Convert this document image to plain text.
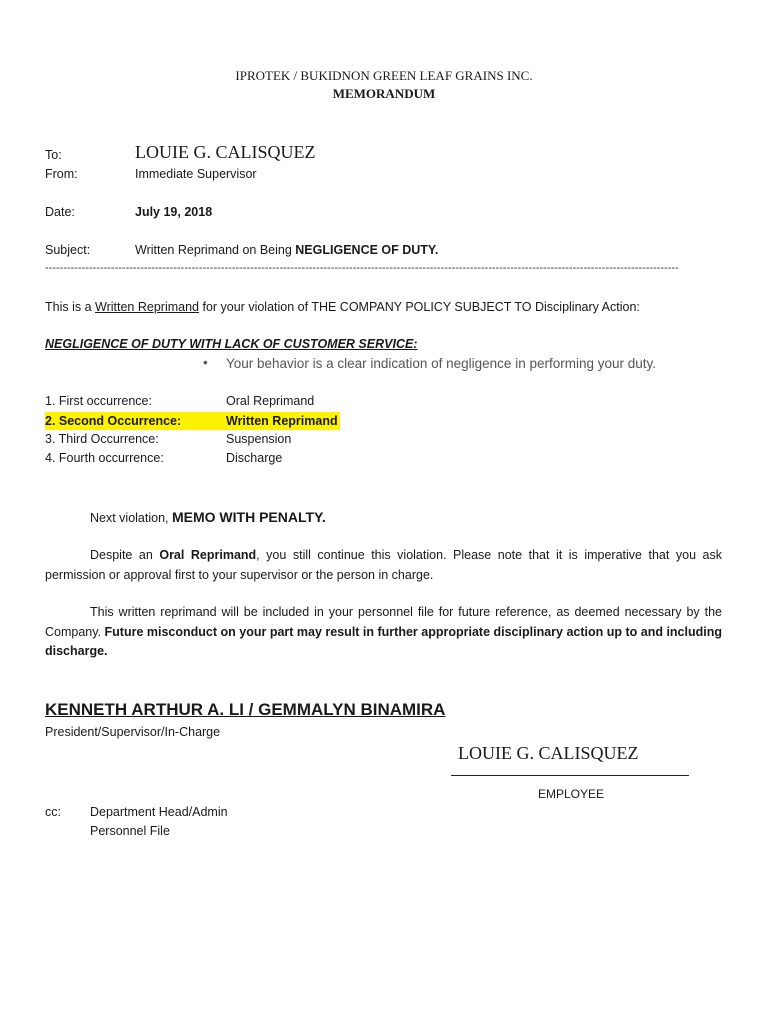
IPROTEK / BUKIDNON GREEN LEAF GRAINS INC.
MEMORANDUM
To:	LOUIE G. CALISQUEZ
From:	Immediate Supervisor
Date:	July 19, 2018
Subject:	Written Reprimand on Being NEGLIGENCE OF DUTY.
-----------------------------------------------------------------------------------------------------------------------------------------------------------------------------
This is a Written Reprimand for your violation of THE COMPANY POLICY SUBJECT TO Disciplinary Action:
NEGLIGENCE OF DUTY WITH LACK OF CUSTOMER SERVICE:
• Your behavior is a clear indication of negligence in performing your duty.
1. First occurrence:	Oral Reprimand
2. Second Occurrence:	Written Reprimand
3. Third Occurrence:	Suspension
4. Fourth occurrence:	Discharge
Next violation, MEMO WITH PENALTY.
Despite an Oral Reprimand, you still continue this violation. Please note that it is imperative that you ask permission or approval first to your supervisor or the person in charge.
This written reprimand will be included in your personnel file for future reference, as deemed necessary by the Company. Future misconduct on your part may result in further appropriate disciplinary action up to and including discharge.
KENNETH ARTHUR A. LI / GEMMALYN BINAMIRA
President/Supervisor/In-Charge
LOUIE G. CALISQUEZ
EMPLOYEE
cc: Department Head/Admin
Personnel File
